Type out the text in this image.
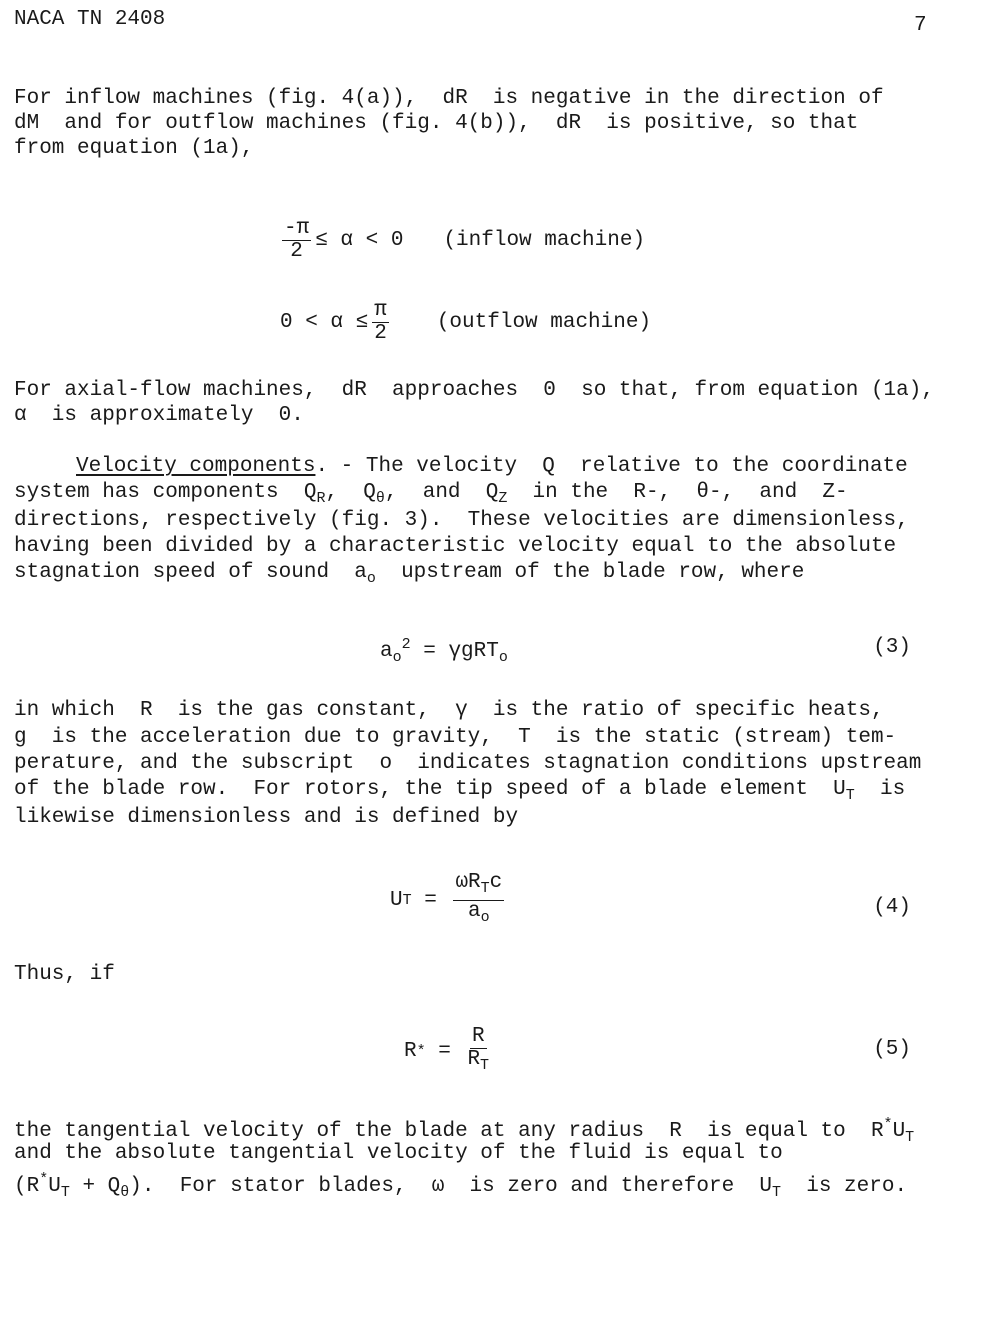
NACA TN 2408	7
For inflow machines (fig. 4(a)),  dR  is negative in the direction of
dM  and for outflow machines (fig. 4(b)),  dR  is positive, so that
from equation (1a),
$\frac{-\pi}{2} \le \alpha < 0$ (inflow machine)
$0 < \alpha \le \frac{\pi}{2}$ (outflow machine)
For axial-flow machines,  dR  approaches  0  so that, from equation (1a),
α  is approximately  0.
Velocity components. - The velocity  Q  relative to the coordinate
system has components  $Q_R$,  $Q_\theta$,  and  $Q_Z$  in the  R-,  θ-,  and  Z-
directions, respectively (fig. 3).  These velocities are dimensionless,
having been divided by a characteristic velocity equal to the absolute
stagnation speed of sound  $a_o$  upstream of the blade row, where
$a_o^2 = \gamma gRT_o$	(3)
in which  R  is the gas constant,  γ  is the ratio of specific heats,
g  is the acceleration due to gravity,  T  is the static (stream) tem-
perature, and the subscript  o  indicates stagnation conditions upstream
of the blade row.  For rotors, the tip speed of a blade element  $U_T$  is
likewise dimensionless and is defined by
U $T = \frac{\omega R_Tc}{a_o}$	(4)
Thus, if
R * = $\frac{R}{R_T}$	(5)
the tangential velocity of the blade at any radius  R  is equal to  $R^*U_T$
and the absolute tangential velocity of the fluid is equal to
$(R^*U_T + Q_\theta)$.  For stator blades,  ω  is zero and therefore  $U_T$  is zero.
